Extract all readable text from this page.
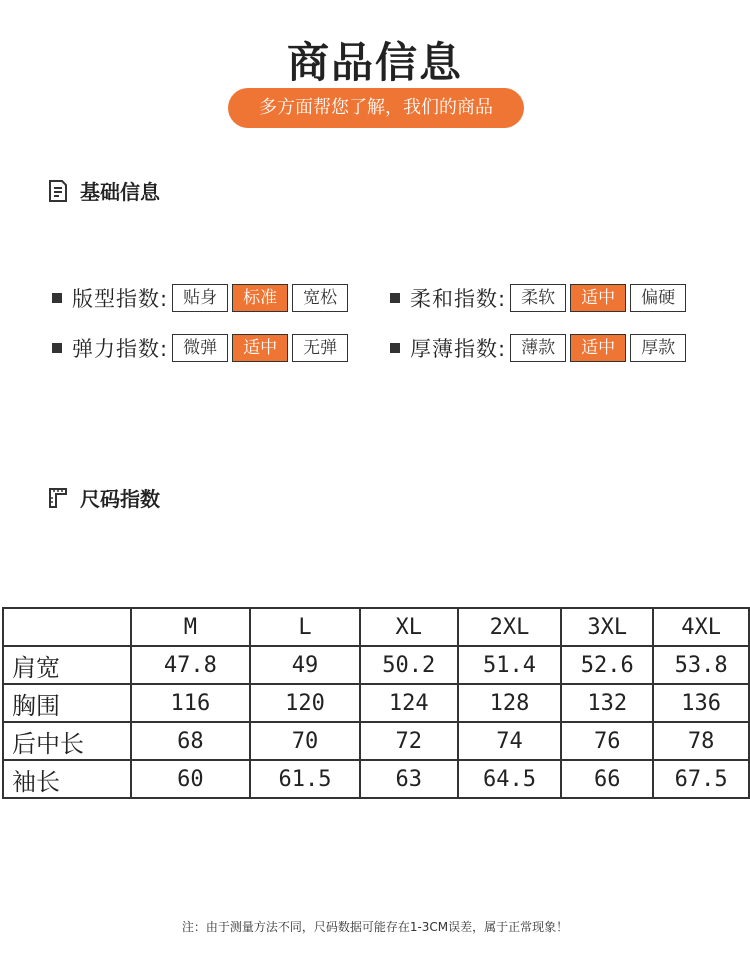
商品信息
多方面帮您了解，我们的商品
基础信息
版型指数: 贴身	标准	宽松	柔和指数: 柔软	适中	偏硬
弹力指数: 微弹	适中	无弹	厚薄指数: 薄款	适中	厚款
尺码指数
	M	L	XL	2XL	3XL	4XL
肩宽	47.8	49	50.2	51.4	52.6	53.8
胸围	116	120	124	128	132	136
后中长	68	70	72	74	76	78
袖长	60	61.5	63	64.5	66	67.5
注：由于测量方法不同，尺码数据可能存在1-3CM误差，属于正常现象！
